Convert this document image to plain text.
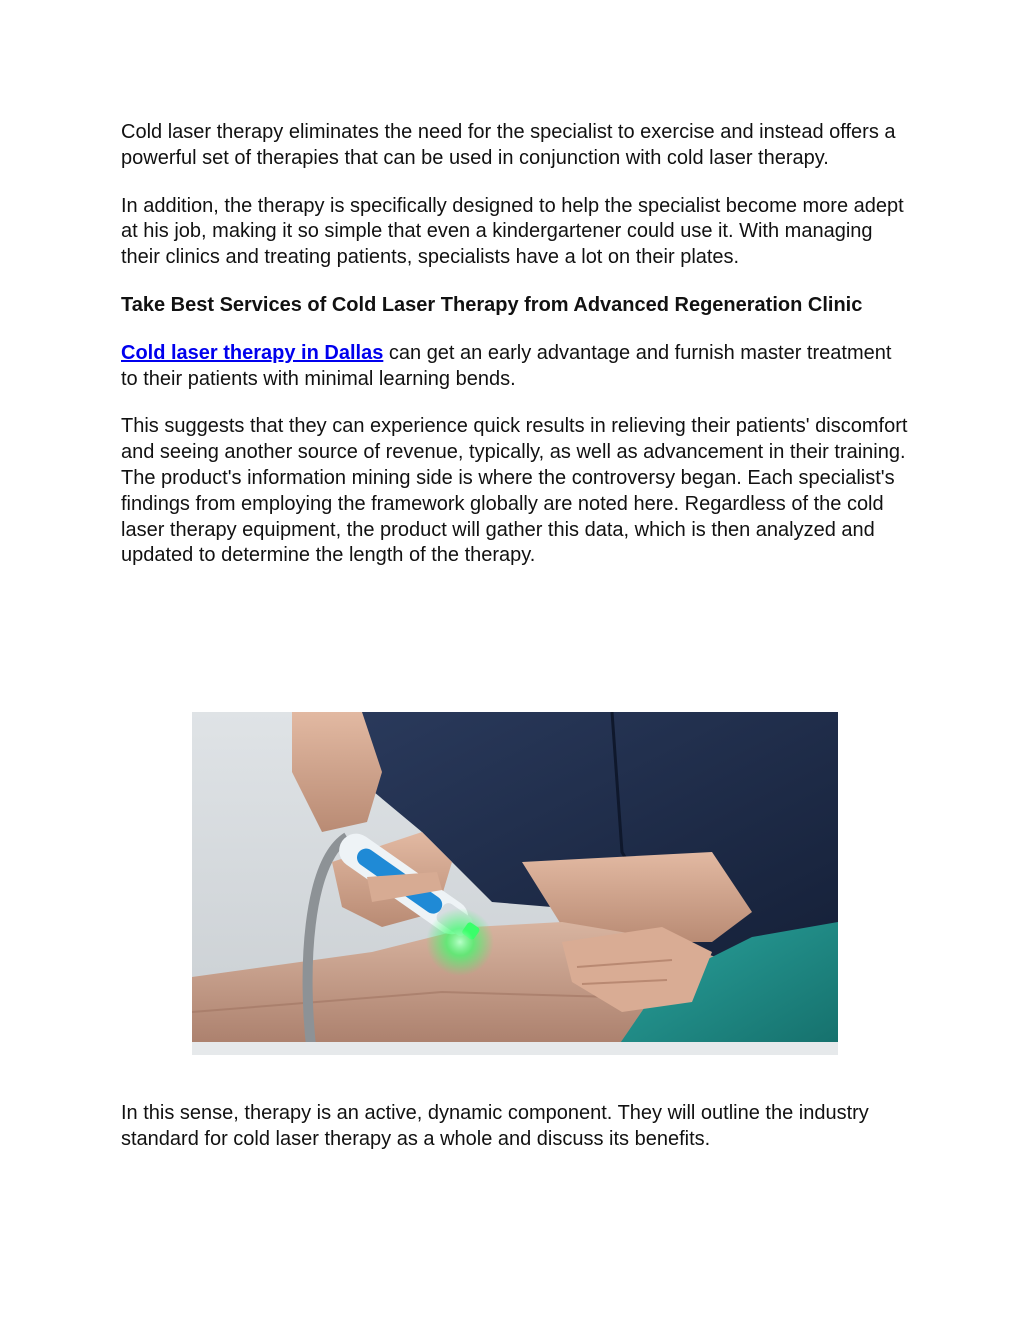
Cold laser therapy eliminates the need for the specialist to exercise and instead offers a powerful set of therapies that can be used in conjunction with cold laser therapy.

In addition, the therapy is specifically designed to help the specialist become more adept at his job, making it so simple that even a kindergartener could use it. With managing their clinics and treating patients, specialists have a lot on their plates.

Take Best Services of Cold Laser Therapy from Advanced Regeneration Clinic

Cold laser therapy in Dallas can get an early advantage and furnish master treatment to their patients with minimal learning bends.

This suggests that they can experience quick results in relieving their patients' discomfort and seeing another source of revenue, typically, as well as advancement in their training. The product's information mining side is where the controversy began. Each specialist's findings from employing the framework globally are noted here. Regardless of the cold laser therapy equipment, the product will gather this data, which is then analyzed and updated to determine the length of the therapy.

In this sense, therapy is an active, dynamic component. They will outline the industry standard for cold laser therapy as a whole and discuss its benefits.
